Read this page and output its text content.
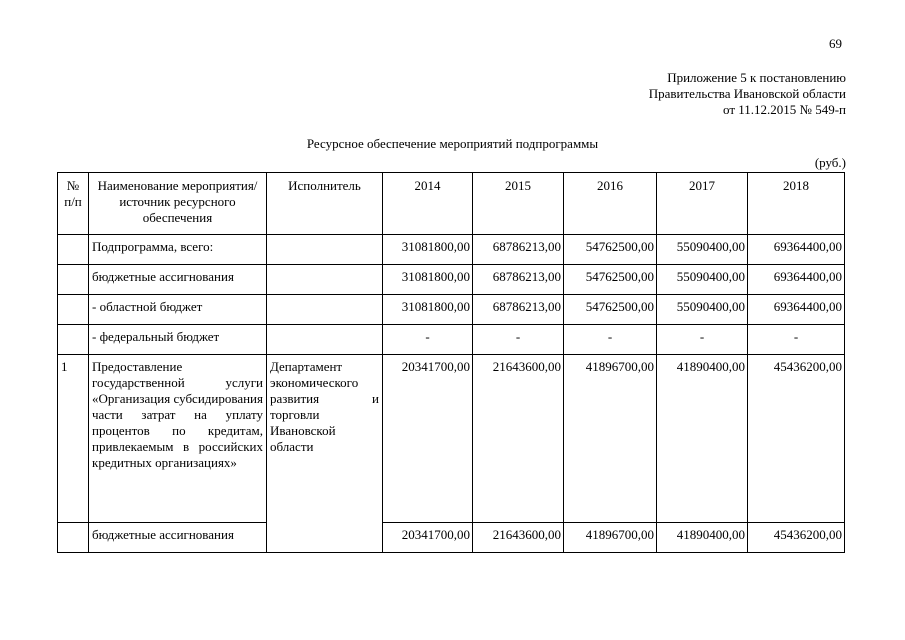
69
Приложение 5 к постановлению
Правительства Ивановской области
от 11.12.2015 № 549-п
Ресурсное обеспечение мероприятий подпрограммы
(руб.)
№ п/п	Наименование мероприятия/источник ресурсного обеспечения	Исполнитель	2014	2015	2016	2017	2018
	Подпрограмма, всего:		31081800,00	68786213,00	54762500,00	55090400,00	69364400,00
	бюджетные ассигнования		31081800,00	68786213,00	54762500,00	55090400,00	69364400,00
	- областной бюджет		31081800,00	68786213,00	54762500,00	55090400,00	69364400,00
	- федеральный бюджет		-	-	-	-	-
1	Предоставление государственной услуги «Организация субсидирования части затрат на уплату процентов по кредитам, привлекаемым в российских кредитных организациях»	Департамент экономического развития и торговли Ивановской области	20341700,00	21643600,00	41896700,00	41890400,00	45436200,00
	бюджетные ассигнования		20341700,00	21643600,00	41896700,00	41890400,00	45436200,00
